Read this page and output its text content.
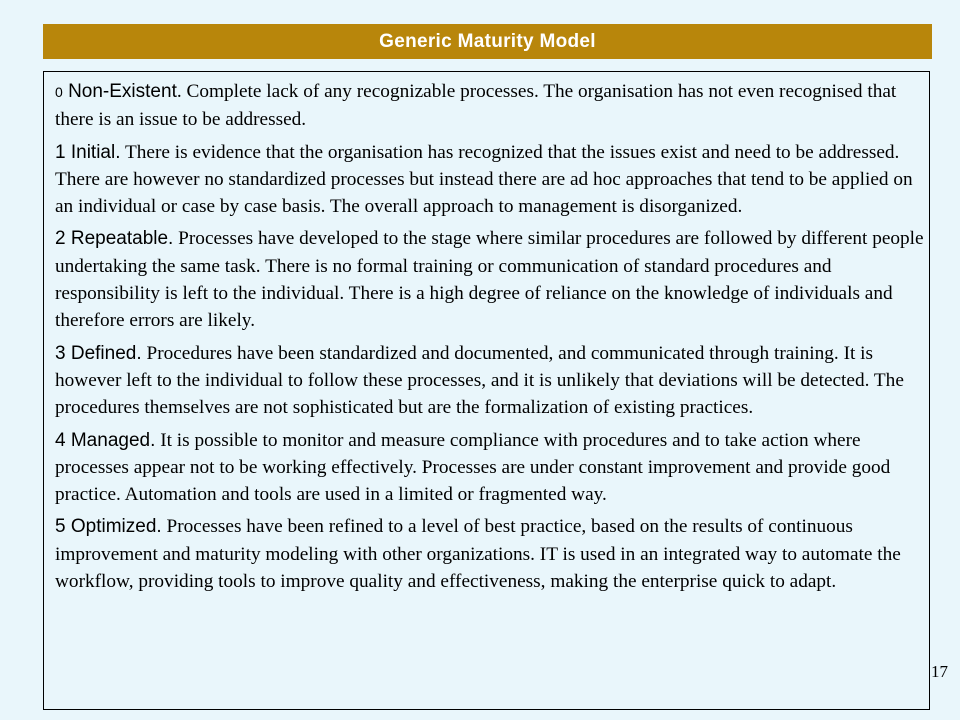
Generic Maturity Model

0 Non-Existent. Complete lack of any recognizable processes. The organisation has not even recognised that there is an issue to be addressed.

1 Initial. There is evidence that the organisation has recognized that the issues exist and need to be addressed. There are however no standardized processes but instead there are ad hoc approaches that tend to be applied on an individual or case by case basis. The overall approach to management is disorganized.

2 Repeatable. Processes have developed to the stage where similar procedures are followed by different people undertaking the same task. There is no formal training or communication of standard procedures and responsibility is left to the individual. There is a high degree of reliance on the knowledge of individuals and therefore errors are likely.

3 Defined. Procedures have been standardized and documented, and communicated through training. It is however left to the individual to follow these processes, and it is unlikely that deviations will be detected. The procedures themselves are not sophisticated but are the formalization of existing practices.

4 Managed. It is possible to monitor and measure compliance with procedures and to take action where processes appear not to be working effectively. Processes are under constant improvement and provide good practice. Automation and tools are used in a limited or fragmented way.

5 Optimized. Processes have been refined to a level of best practice, based on the results of continuous improvement and maturity modeling with other organizations. IT is used in an integrated way to automate the workflow, providing tools to improve quality and effectiveness, making the enterprise quick to adapt.

17
